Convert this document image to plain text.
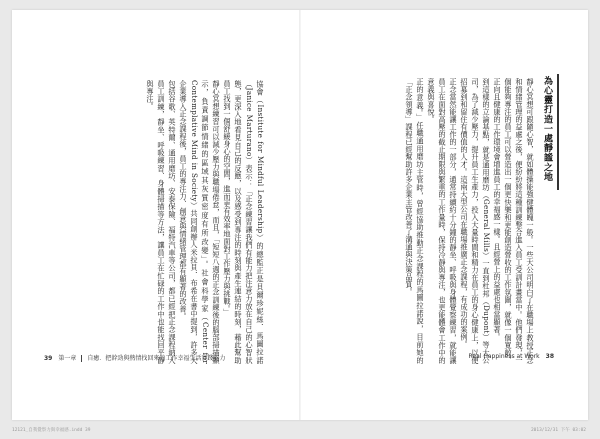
協會（Institute for Mindful Leadership）的總監正是貝爾珍妮絲．馬圖拉諾（Janice Marturano）表示：「正念練習讓我們有能力把注意力放在自己的心智狀態，更深入地看見自己的反應，以及感受到專注的時刻與產生連結的時刻，藉此幫助員工找到一個舒緩身心的空間，進而更有效率地面對工作壓力與挑戰。」

靜心冥想練習可以減少壓力與職場倦怠，而且，「短短八週的正念訓練後的腦部掃描顯示，負責調節情緒的區域其灰質密度有所改變」。社會科學家（Center for Contemplative Mind in Society）共同創辦人米拉貝．布希在書中提到，許多大企業導入正念課程後，員工的專注力、創意與情緒管理都有顯著的改善。

包括谷歌、英特爾、通用磨坊、安泰保險、福特汽車等公司，都已經把正念課程納入員工訓練，靜坐、呼吸練習、身體掃描等方法，讓員工在忙碌的工作中也能找回平靜與專注。

39 第一章 自癒．把幹勁與熱情找回來的工作幸福生活實踐能力
為心靈打造一處靜謐之地

靜心冥想可跟隨心智，就如體操能強健體魄一般。一些大公司明白了在職場上教授正念和情緒管理的益處之後，便紛紛將這種訓練整合進入員工受訓計畫當中。他們發現，一個能夠專注的員工可以營造出一個更快樂和更能創造營收的工作氛圍，就像一個寬敞、正向且健康的工作環境會增進員工的幸福感一樣。且經營上的益處也相當顯著。

到這樣的立論基點，就是通用磨坊（General Mills）一直到杜邦（Dupont）等大公司，為了減少壓力，提升員工生產力，投入大量時間和精力在員工的身心健康上，以便招募到和留住有價值的人才。這兩大型公司在職場推廣正念課程，有成功的案例。

正念當然能讓工作的一部分，通常持續約十分鐘的靜坐、呼吸與身體覺察練習，就能讓員工在面對高壓的截止期限與繁重的工作量時，保持冷靜與專注，也更能體會工作中的意義與喜悅。

正的意義。」任職通用磨坊主管時，曾經協助推動正念課程的馬圖拉諾說，目前她的「正念領導」課程已經幫助許多企業主管改善了溝通與決策品質。

Real Happiness at Work 38
12121_自我覺察力與幸福感.indd 39	2013/12/31 下午 03:02
